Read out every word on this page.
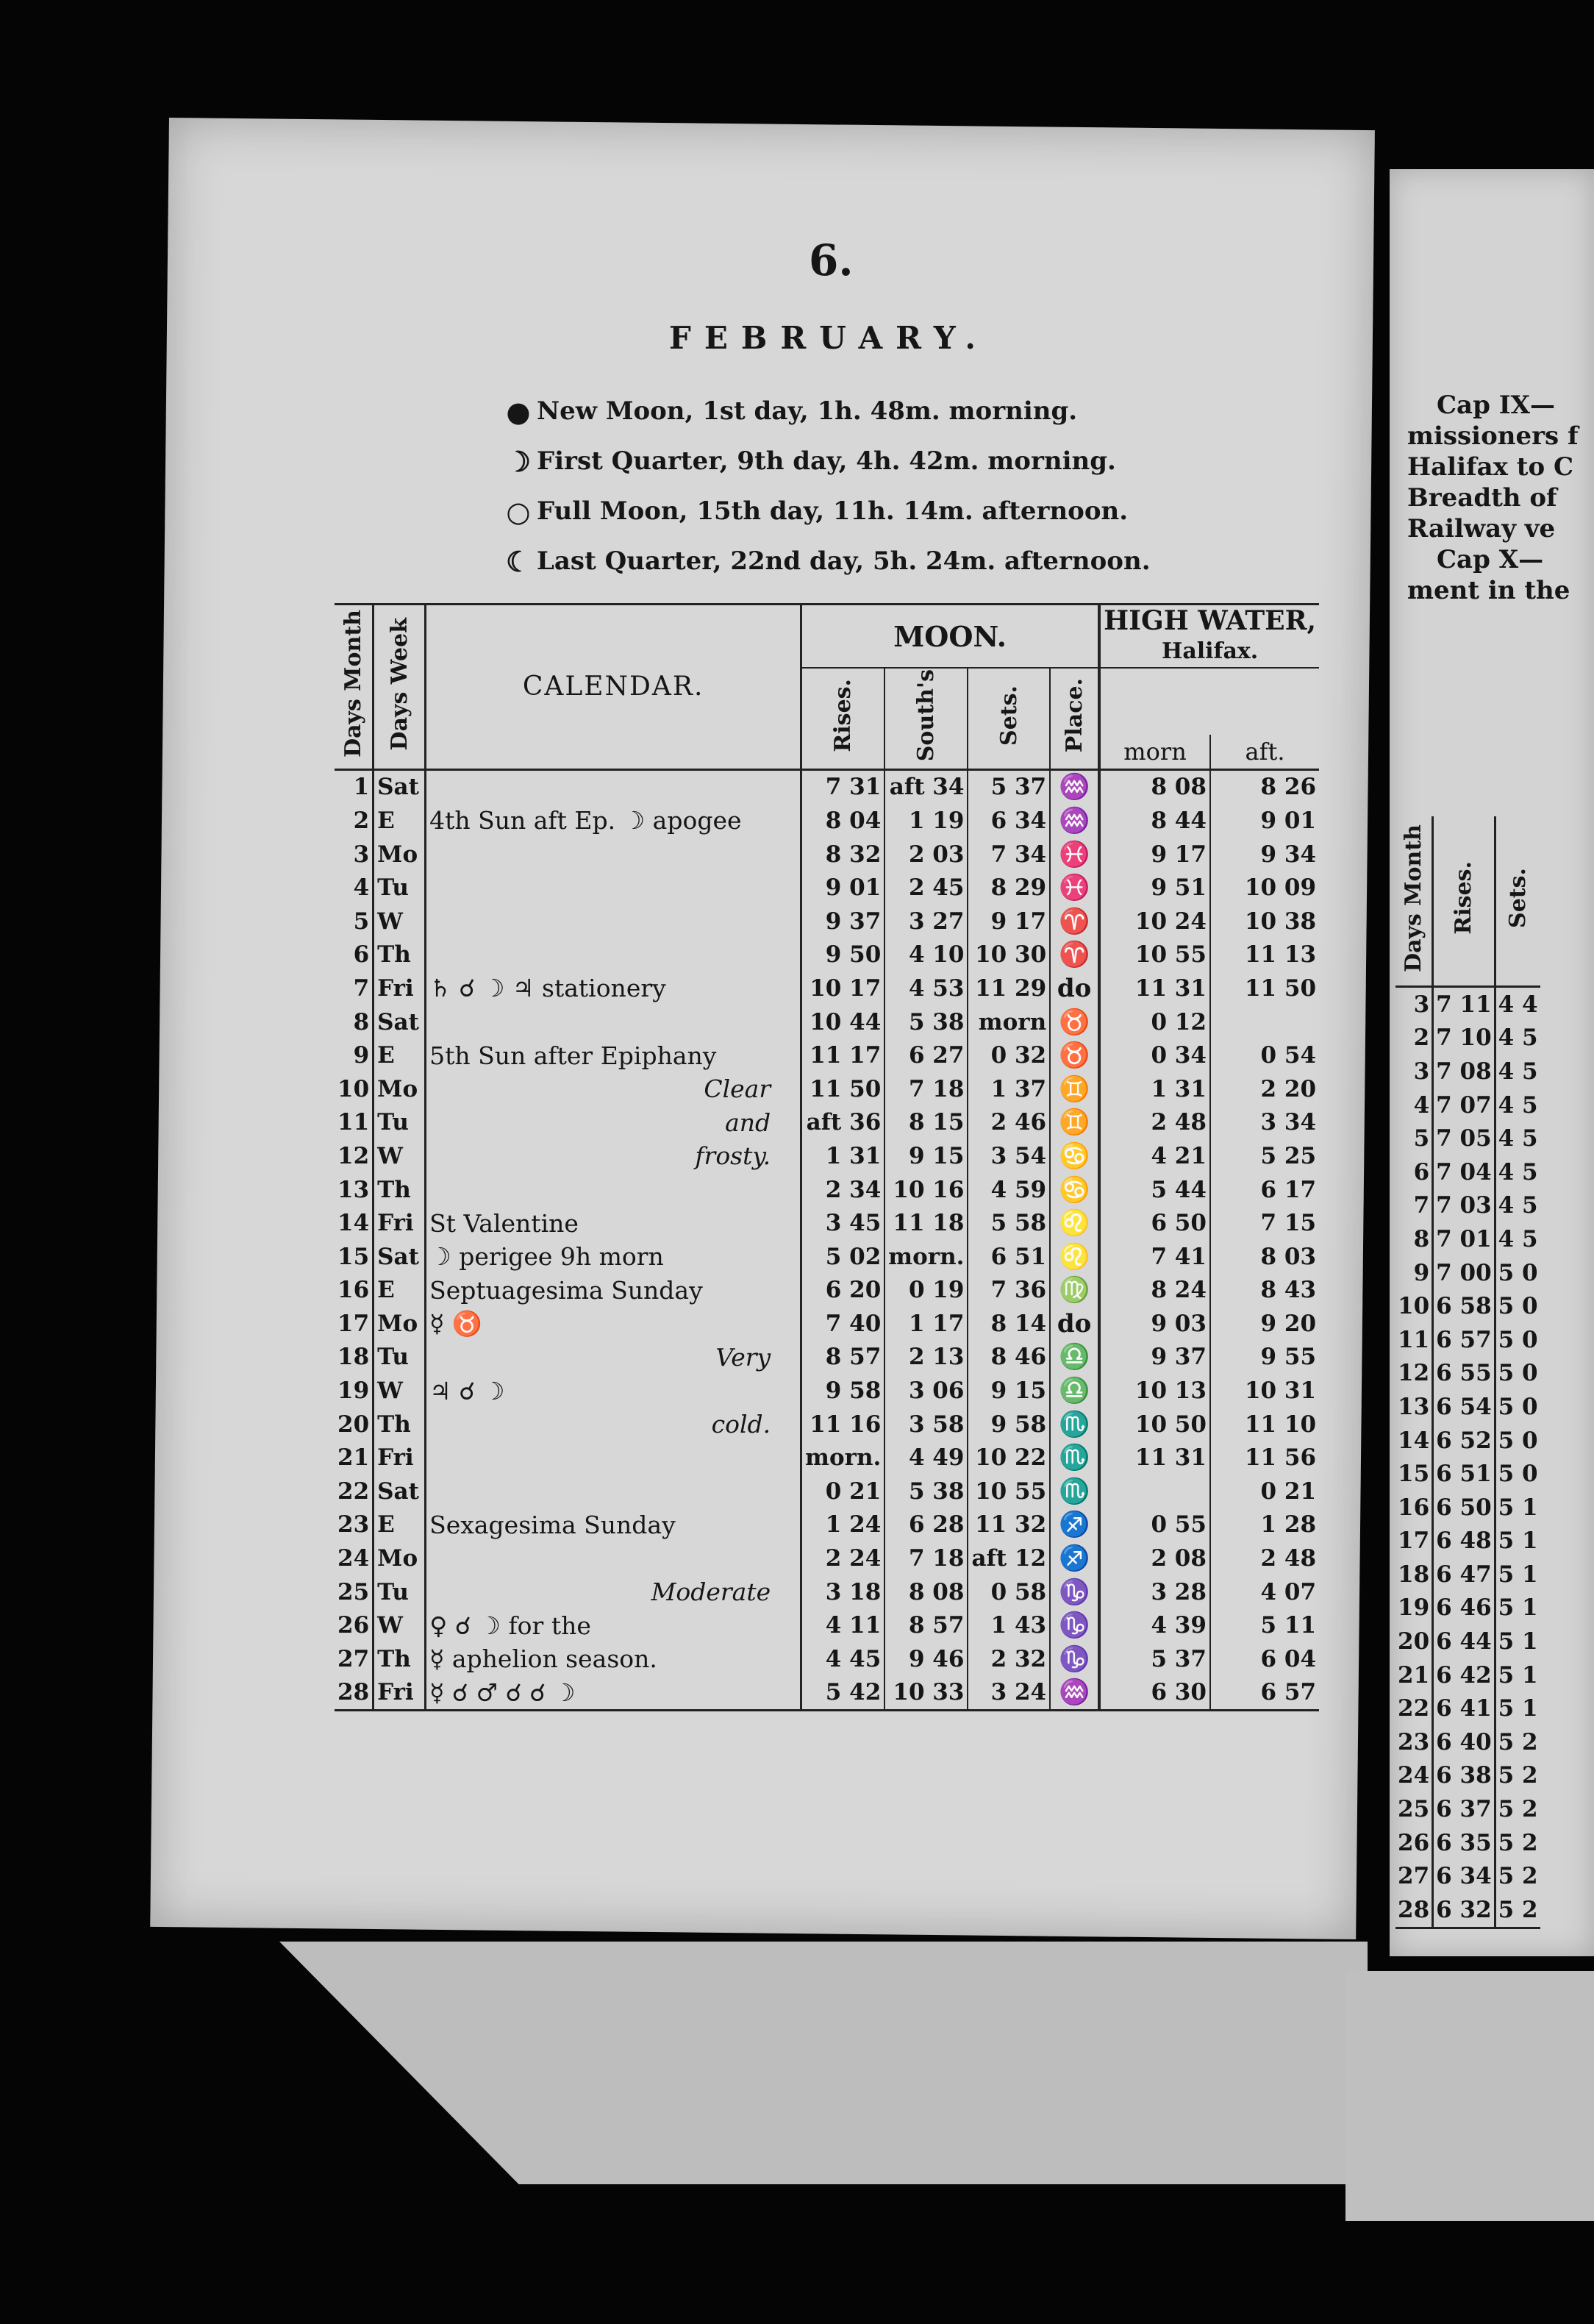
6.
FEBRUARY.
● New Moon, 1st day, 1h. 48m. morning.
☽ First Quarter, 9th day, 4h. 42m. morning.
○ Full Moon, 15th day, 11h. 14m. afternoon.
☾ Last Quarter, 22nd day, 5h. 24m. afternoon.
Days Month	Days Week	CALENDAR.	MOON.				HIGH WATER,
Halifax.	

			Rises.	South's	Sets.	Place.		
							morn	aft.
1	Sat		7 31	aft 34	5 37	♒	8 08	8 26
2	E	4th Sun aft Ep. ☽ apogee	8 04	1 19	6 34	♒	8 44	9 01
3	Mo		8 32	2 03	7 34	♓	9 17	9 34
4	Tu		9 01	2 45	8 29	♓	9 51	10 09
5	W		9 37	3 27	9 17	♈	10 24	10 38
6	Th		9 50	4 10	10 30	♈	10 55	11 13
7	Fri	♄ ☌ ☽ ♃ stationery	10 17	4 53	11 29	do	11 31	11 50
8	Sat		10 44	5 38	morn	♉	0 12	
9	E	5th Sun after Epiphany	11 17	6 27	0 32	♉	0 34	0 54
10	Mo	Clear	11 50	7 18	1 37	♊	1 31	2 20
11	Tu	and	aft 36	8 15	2 46	♊	2 48	3 34
12	W	frosty.	1 31	9 15	3 54	♋	4 21	5 25
13	Th		2 34	10 16	4 59	♋	5 44	6 17
14	Fri	St Valentine	3 45	11 18	5 58	♌	6 50	7 15
15	Sat	☽ perigee 9h morn	5 02	morn.	6 51	♌	7 41	8 03
16	E	Septuagesima Sunday	6 20	0 19	7 36	♍	8 24	8 43
17	Mo	☿ ♉	7 40	1 17	8 14	do	9 03	9 20
18	Tu	Very	8 57	2 13	8 46	♎	9 37	9 55
19	W	♃ ☌ ☽	9 58	3 06	9 15	♎	10 13	10 31
20	Th	cold.	11 16	3 58	9 58	♏	10 50	11 10
21	Fri		morn.	4 49	10 22	♏	11 31	11 56
22	Sat		0 21	5 38	10 55	♏		0 21
23	E	Sexagesima Sunday	1 24	6 28	11 32	♐	0 55	1 28
24	Mo		2 24	7 18	aft 12	♐	2 08	2 48
25	Tu	Moderate	3 18	8 08	0 58	♑	3 28	4 07
26	W	♀ ☌ ☽ for the	4 11	8 57	1 43	♑	4 39	5 11
27	Th	☿ aphelion season.	4 45	9 46	2 32	♑	5 37	6 04
28	Fri	☿ ☌ ♂ ☌ ☌ ☽	5 42	10 33	3 24	♒	6 30	6 57
Cap IX—
missioners f
Halifax to C
Breadth of
Railway ve
Cap X—
ment in the
Days Month	Rises.	Sets.
3	7 11	4 4
2	7 10	4 5
3	7 08	4 5
4	7 07	4 5
5	7 05	4 5
6	7 04	4 5
7	7 03	4 5
8	7 01	4 5
9	7 00	5 0
10	6 58	5 0
11	6 57	5 0
12	6 55	5 0
13	6 54	5 0
14	6 52	5 0
15	6 51	5 0
16	6 50	5 1
17	6 48	5 1
18	6 47	5 1
19	6 46	5 1
20	6 44	5 1
21	6 42	5 1
22	6 41	5 1
23	6 40	5 2
24	6 38	5 2
25	6 37	5 2
26	6 35	5 2
27	6 34	5 2
28	6 32	5 2
